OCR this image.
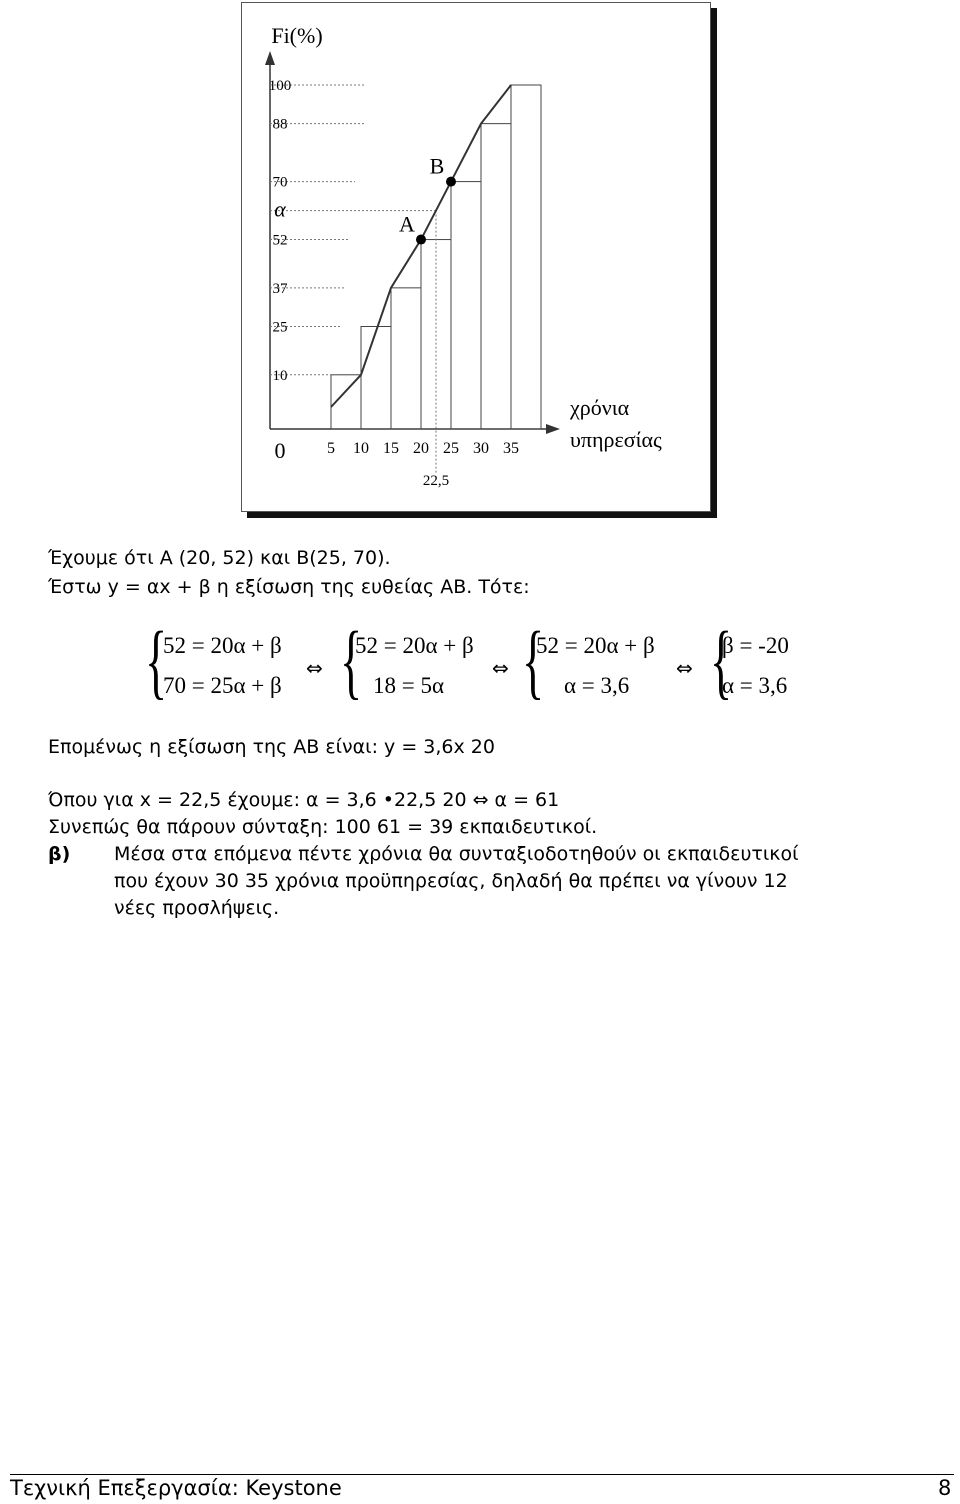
A
B
100
88
70
α
52
37
25
10
0
Fi(%)
5 10 15 20 25 30 35
22,5
χρόνια
υπηρεσίας
Έχουμε ότι Α (20, 52) και Β(25, 70).
Έστω y = αx + β η εξίσωση της ευθείας ΑΒ. Τότε:
{
52 = 20α + β
70 = 25α + β
⇔ {
52 = 20α + β
18 = 5α
⇔ {
52 = 20α + β
α = 3,6
⇔ {
β = -20
α = 3,6
Επομένως η εξίσωση της ΑΒ είναι: y = 3,6x 20
Όπου για x = 22,5 έχουμε: α = 3,6 •22,5 20 ⇔ α = 61
Συνεπώς θα πάρουν σύνταξη: 100 61 = 39 εκπαιδευτικοί.
β) Μέσα στα επόμενα πέντε χρόνια θα συνταξιοδοτηθούν οι εκπαιδευτικοί
που έχουν 30 35 χρόνια προϋπηρεσίας, δηλαδή θα πρέπει να γίνουν 12
νέες προσλήψεις.
Τεχνική Επεξεργασία: Keystone	8
